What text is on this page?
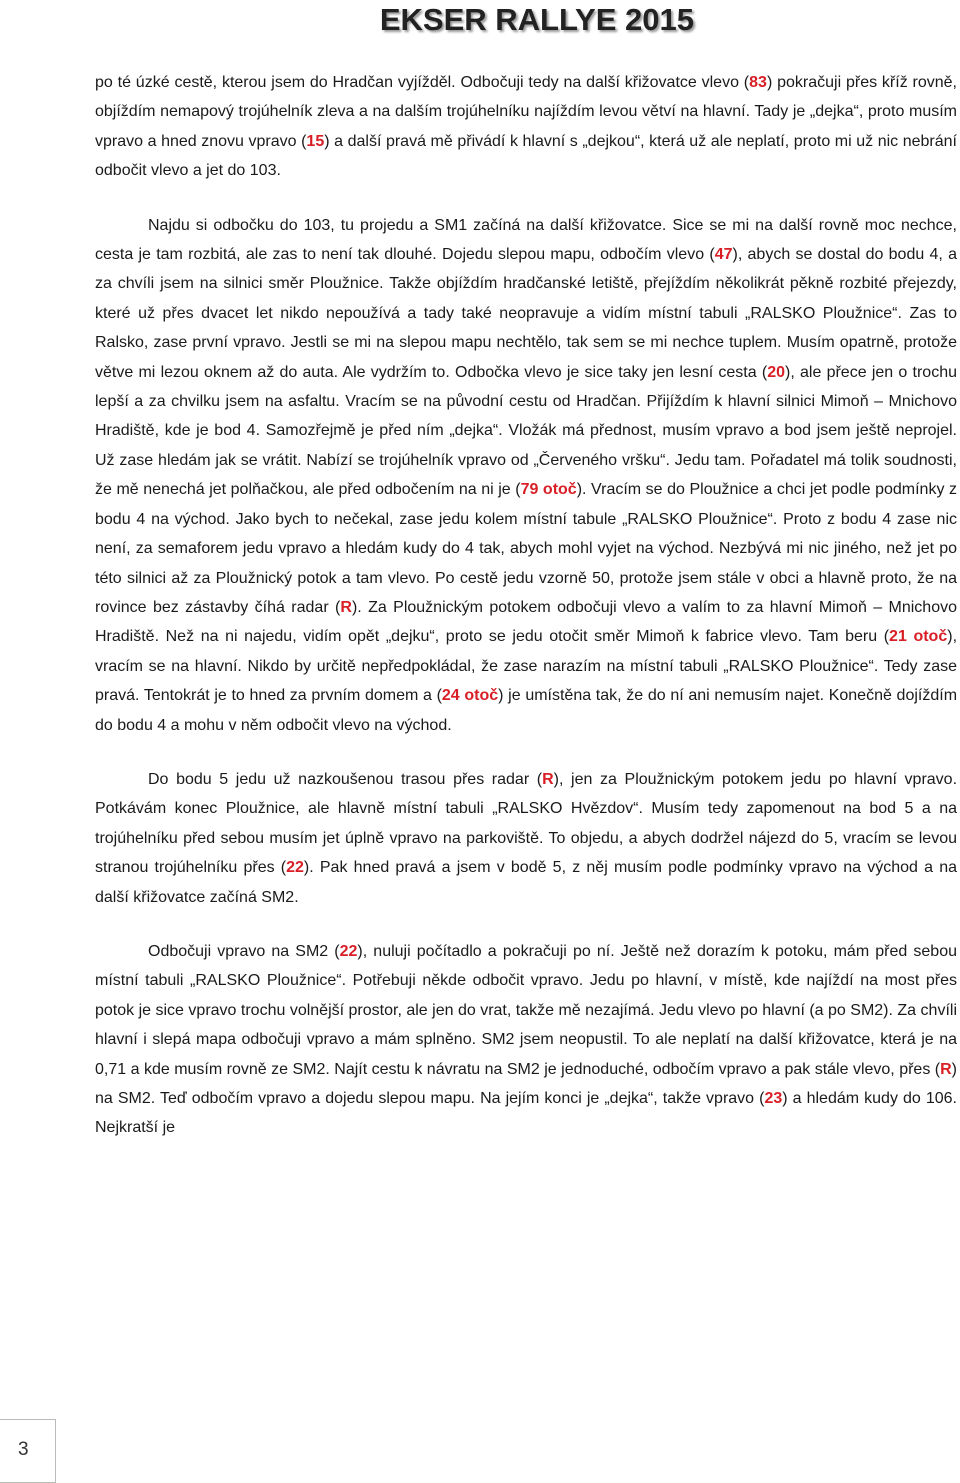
EKSER RALLYE 2015

po té úzké cestě, kterou jsem do Hradčan vyjížděl. Odbočuji tedy na další křižovatce vlevo (83) pokračuji přes kříž rovně, objíždím nemapový trojúhelník zleva a na dalším trojúhelníku najíždím levou větví na hlavní. Tady je „dejka“, proto musím vpravo a hned znovu vpravo (15) a další pravá mě přivádí k hlavní s „dejkou“, která už ale neplatí, proto mi už nic nebrání odbočit vlevo a jet do 103.

Najdu si odbočku do 103, tu projedu a SM1 začíná na další křižovatce. Sice se mi na další rovně moc nechce, cesta je tam rozbitá, ale zas to není tak dlouhé. Dojedu slepou mapu, odbočím vlevo (47), abych se dostal do bodu 4, a za chvíli jsem na silnici směr Ploužnice. Takže objíždím hradčanské letiště, přejíždím několikrát pěkně rozbité přejezdy, které už přes dvacet let nikdo nepoužívá a tady také neopravuje a vidím místní tabuli „RALSKO Ploužnice“. Zas to Ralsko, zase první vpravo. Jestli se mi na slepou mapu nechtělo, tak sem se mi nechce tuplem. Musím opatrně, protože větve mi lezou oknem až do auta. Ale vydržím to. Odbočka vlevo je sice taky jen lesní cesta (20), ale přece jen o trochu lepší a za chvilku jsem na asfaltu. Vracím se na původní cestu od Hradčan. Přijíždím k hlavní silnici Mimoň – Mnichovo Hradiště, kde je bod 4. Samozřejmě je před ním „dejka“. Vložák má přednost, musím vpravo a bod jsem ještě neprojel. Už zase hledám jak se vrátit. Nabízí se trojúhelník vpravo od „Červeného vršku“. Jedu tam. Pořadatel má tolik soudnosti, že mě nenechá jet polňačkou, ale před odbočením na ni je (79 otoč). Vracím se do Ploužnice a chci jet podle podmínky z bodu 4 na východ. Jako bych to nečekal, zase jedu kolem místní tabule „RALSKO Ploužnice“. Proto z bodu 4 zase nic není, za semaforem jedu vpravo a hledám kudy do 4 tak, abych mohl vyjet na východ. Nezbývá mi nic jiného, než jet po této silnici až za Ploužnický potok a tam vlevo. Po cestě jedu vzorně 50, protože jsem stále v obci a hlavně proto, že na rovince bez zástavby číhá radar (R). Za Ploužnickým potokem odbočuji vlevo a valím to za hlavní Mimoň – Mnichovo Hradiště. Než na ni najedu, vidím opět „dejku“, proto se jedu otočit směr Mimoň k fabrice vlevo. Tam beru (21 otoč), vracím se na hlavní. Nikdo by určitě nepředpokládal, že zase narazím na místní tabuli „RALSKO Ploužnice“. Tedy zase pravá. Tentokrát je to hned za prvním domem a (24 otoč) je umístěna tak, že do ní ani nemusím najet. Konečně dojíždím do bodu 4 a mohu v něm odbočit vlevo na východ.

Do bodu 5 jedu už nazkoušenou trasou přes radar (R), jen za Ploužnickým potokem jedu po hlavní vpravo. Potkávám konec Ploužnice, ale hlavně místní tabuli „RALSKO Hvězdov“. Musím tedy zapomenout na bod 5 a na trojúhelníku před sebou musím jet úplně vpravo na parkoviště. To objedu, a abych dodržel nájezd do 5, vracím se levou stranou trojúhelníku přes (22). Pak hned pravá a jsem v bodě 5, z něj musím podle podmínky vpravo na východ a na další křižovatce začíná SM2.

Odbočuji vpravo na SM2 (22), nuluji počítadlo a pokračuji po ní. Ještě než dorazím k potoku, mám před sebou místní tabuli „RALSKO Ploužnice“. Potřebuji někde odbočit vpravo. Jedu po hlavní, v místě, kde najíždí na most přes potok je sice vpravo trochu volnější prostor, ale jen do vrat, takže mě nezajímá. Jedu vlevo po hlavní (a po SM2). Za chvíli hlavní i slepá mapa odbočuji vpravo a mám splněno. SM2 jsem neopustil. To ale neplatí na další křižovatce, která je na 0,71 a kde musím rovně ze SM2. Najít cestu k návratu na SM2 je jednoduché, odbočím vpravo a pak stále vlevo, přes (R) na SM2. Teď odbočím vpravo a dojedu slepou mapu. Na jejím konci je „dejka“, takže vpravo (23) a hledám kudy do 106. Nejkratší je

3
